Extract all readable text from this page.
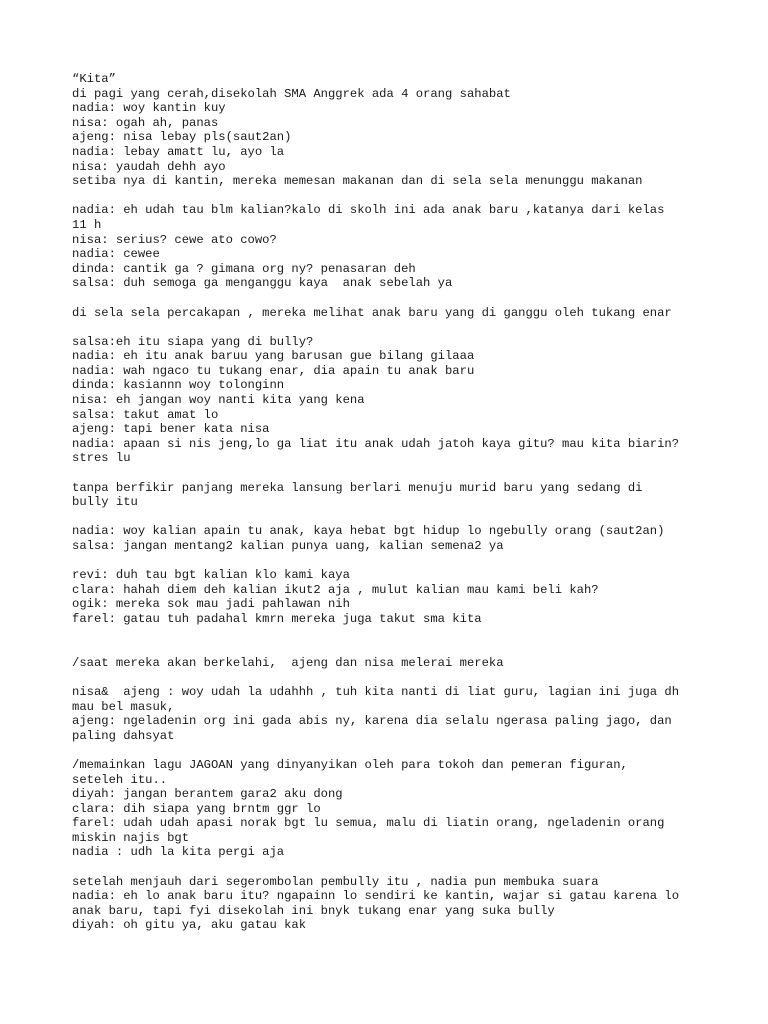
“Kita”
di pagi yang cerah,disekolah SMA Anggrek ada 4 orang sahabat
nadia: woy kantin kuy
nisa: ogah ah, panas
ajeng: nisa lebay pls(saut2an)
nadia: lebay amatt lu, ayo la
nisa: yaudah dehh ayo
setiba nya di kantin, mereka memesan makanan dan di sela sela menunggu makanan
nadia: eh udah tau blm kalian?kalo di skolh ini ada anak baru ,katanya dari kelas
11 h
nisa: serius? cewe ato cowo?
nadia: cewee
dinda: cantik ga ? gimana org ny? penasaran deh
salsa: duh semoga ga menganggu kaya  anak sebelah ya
di sela sela percakapan , mereka melihat anak baru yang di ganggu oleh tukang enar
salsa:eh itu siapa yang di bully?
nadia: eh itu anak baruu yang barusan gue bilang gilaaa
nadia: wah ngaco tu tukang enar, dia apain tu anak baru
dinda: kasiannn woy tolonginn
nisa: eh jangan woy nanti kita yang kena
salsa: takut amat lo
ajeng: tapi bener kata nisa
nadia: apaan si nis jeng,lo ga liat itu anak udah jatoh kaya gitu? mau kita biarin?
stres lu
tanpa berfikir panjang mereka lansung berlari menuju murid baru yang sedang di
bully itu
nadia: woy kalian apain tu anak, kaya hebat bgt hidup lo ngebully orang (saut2an)
salsa: jangan mentang2 kalian punya uang, kalian semena2 ya
revi: duh tau bgt kalian klo kami kaya
clara: hahah diem deh kalian ikut2 aja , mulut kalian mau kami beli kah?
ogik: mereka sok mau jadi pahlawan nih
farel: gatau tuh padahal kmrn mereka juga takut sma kita
/saat mereka akan berkelahi,  ajeng dan nisa melerai mereka
nisa&  ajeng : woy udah la udahhh , tuh kita nanti di liat guru, lagian ini juga dh
mau bel masuk,
ajeng: ngeladenin org ini gada abis ny, karena dia selalu ngerasa paling jago, dan
paling dahsyat
/memainkan lagu JAGOAN yang dinyanyikan oleh para tokoh dan pemeran figuran,
seteleh itu..
diyah: jangan berantem gara2 aku dong
clara: dih siapa yang brntm ggr lo
farel: udah udah apasi norak bgt lu semua, malu di liatin orang, ngeladenin orang
miskin najis bgt
nadia : udh la kita pergi aja
setelah menjauh dari segerombolan pembully itu , nadia pun membuka suara
nadia: eh lo anak baru itu? ngapainn lo sendiri ke kantin, wajar si gatau karena lo
anak baru, tapi fyi disekolah ini bnyk tukang enar yang suka bully
diyah: oh gitu ya, aku gatau kak
